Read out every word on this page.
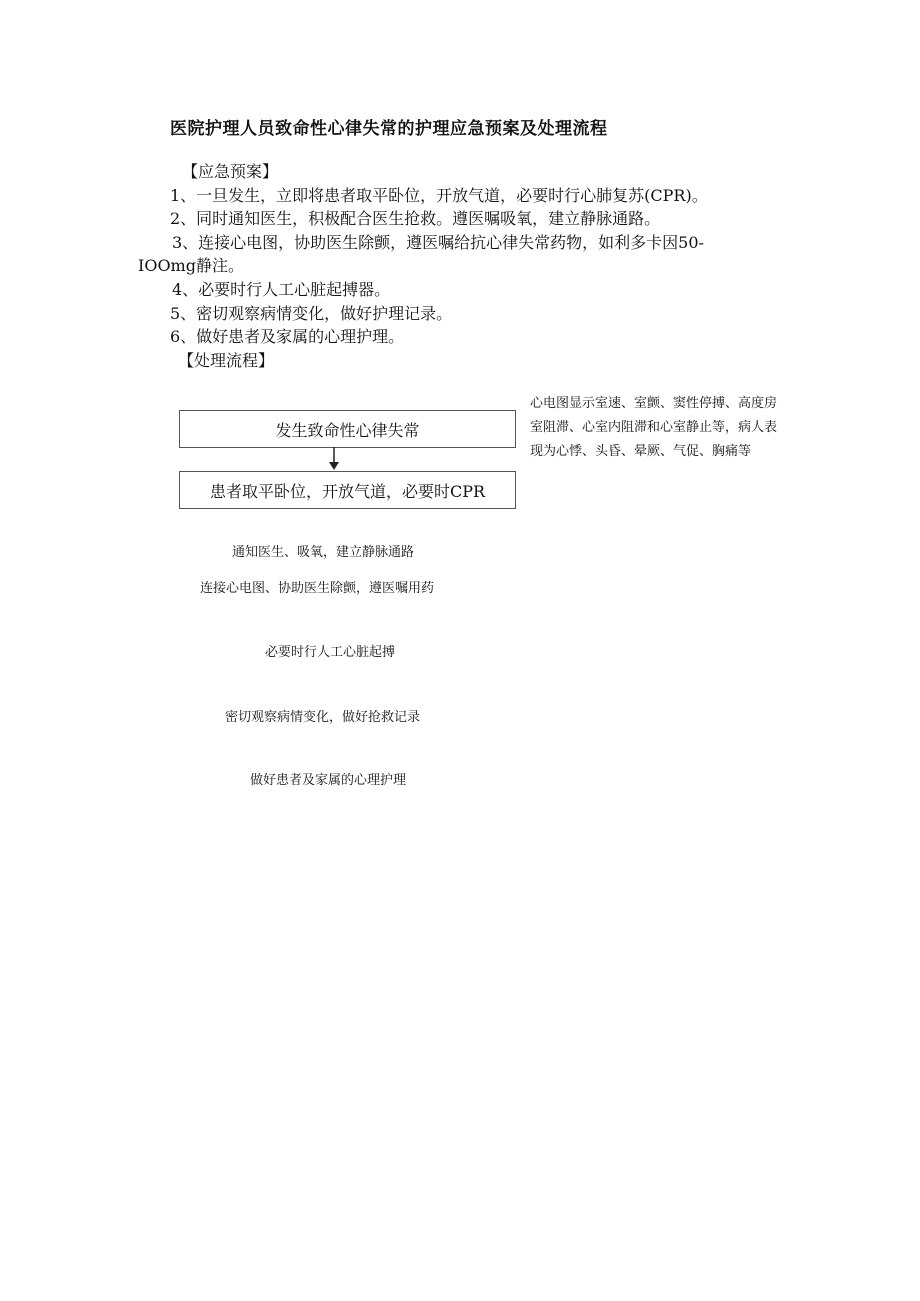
医院护理人员致命性心律失常的护理应急预案及处理流程
【应急预案】
1、一旦发生，立即将患者取平卧位，开放气道，必要时行心肺复苏(CPR)。
2、同时通知医生，积极配合医生抢救。遵医嘱吸氧，建立静脉通路。
3、连接心电图，协助医生除颤，遵医嘱给抗心律失常药物，如利多卡因50-
IOOmg静注。
4、必要时行人工心脏起搏器。
5、密切观察病情变化，做好护理记录。
6、做好患者及家属的心理护理。
【处理流程】
发生致命性心律失常
患者取平卧位，开放气道，必要时CPR
心电图显示室速、室颤、窦性停搏、高度房室阻滞、心室内阻滞和心室静止等，病人表现为心悸、头昏、晕厥、气促、胸痛等
通知医生、吸氧，建立静脉通路
连接心电图、协助医生除颤，遵医嘱用药
必要时行人工心脏起搏
密切观察病情变化，做好抢救记录
做好患者及家属的心理护理
